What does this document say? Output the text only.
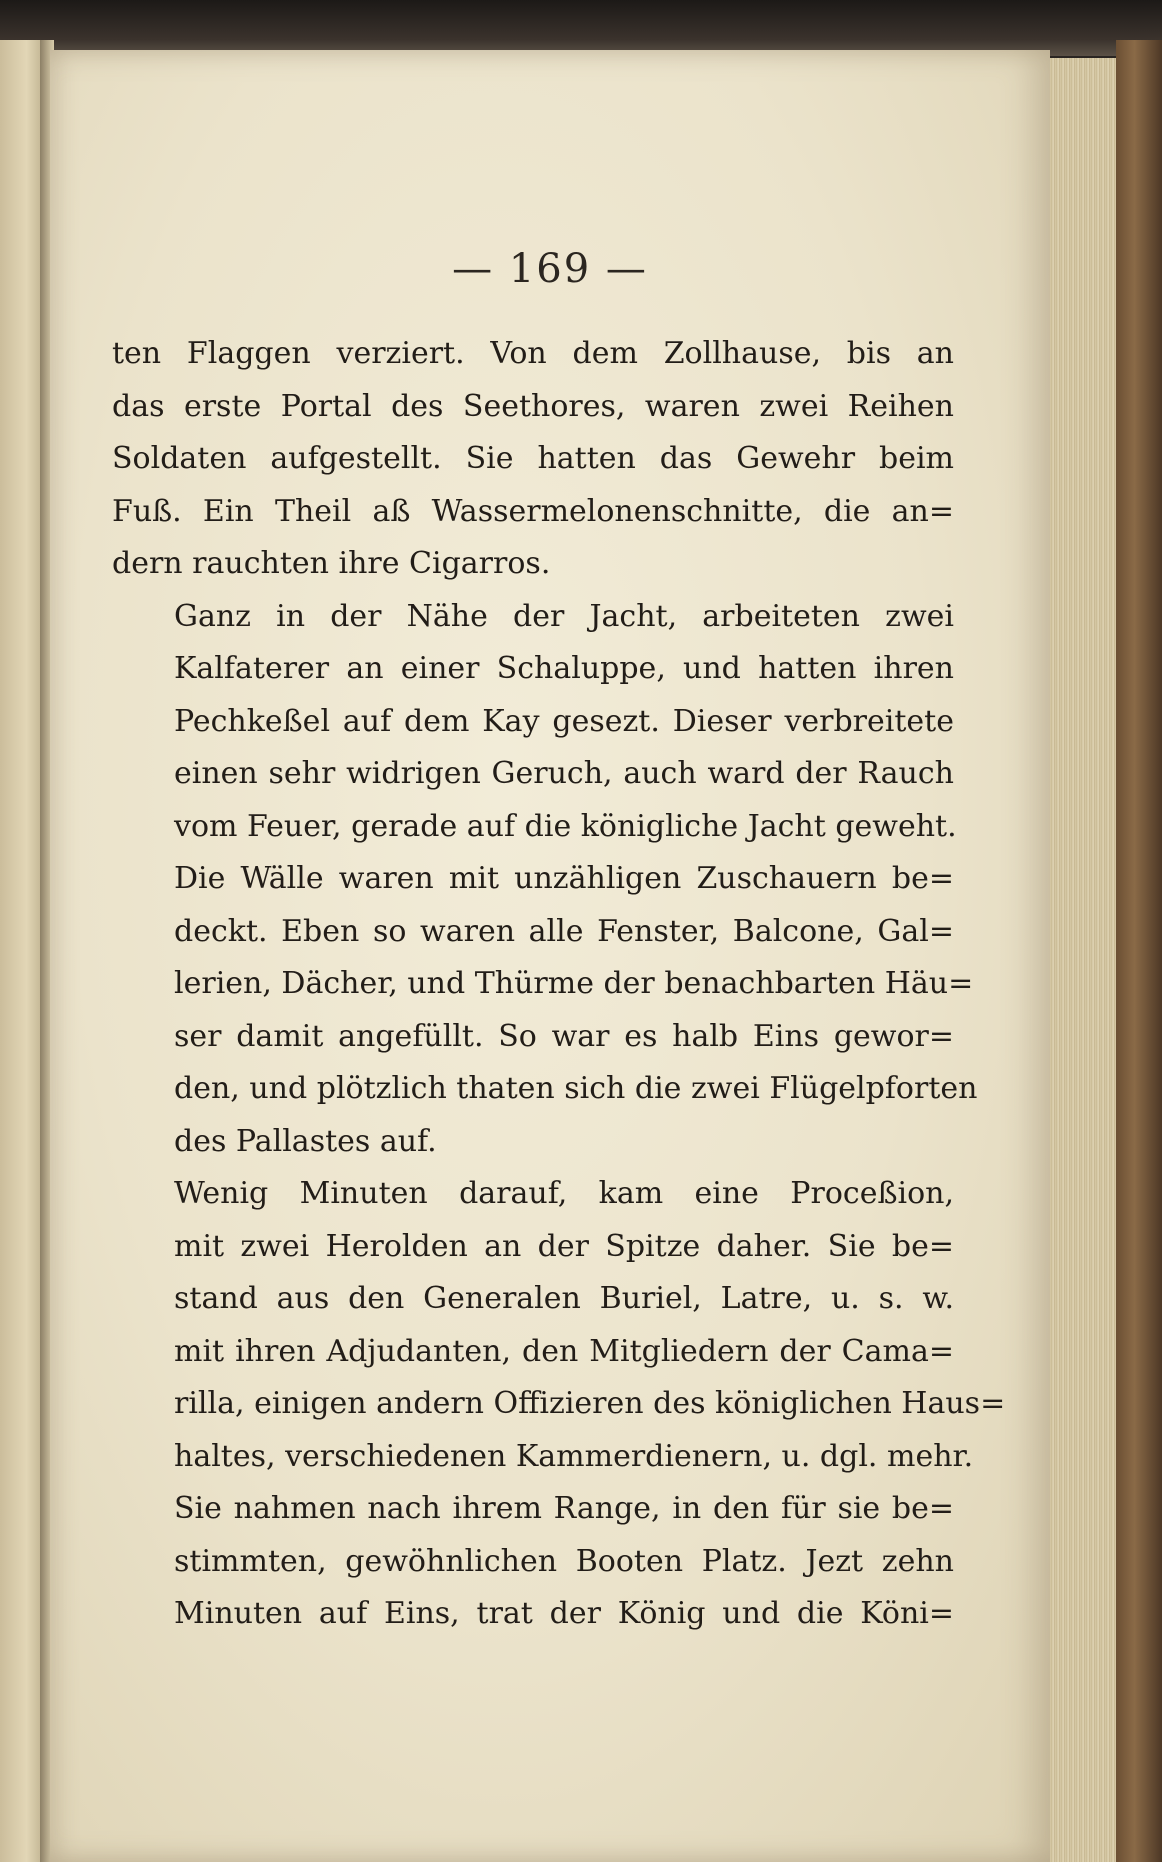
— 169 —
ten Flaggen verziert. Von dem Zollhause, bis an
das erste Portal des Seethores, waren zwei Reihen
Soldaten aufgestellt. Sie hatten das Gewehr beim
Fuß. Ein Theil aß Wassermelonenschnitte, die an=
dern rauchten ihre Cigarros.
Ganz in der Nähe der Jacht, arbeiteten zwei
Kalfaterer an einer Schaluppe, und hatten ihren
Pechkeßel auf dem Kay gesezt. Dieser verbreitete
einen sehr widrigen Geruch, auch ward der Rauch
vom Feuer, gerade auf die königliche Jacht geweht.
Die Wälle waren mit unzähligen Zuschauern be=
deckt. Eben so waren alle Fenster, Balcone, Gal=
lerien, Dächer, und Thürme der benachbarten Häu=
ser damit angefüllt. So war es halb Eins gewor=
den, und plötzlich thaten sich die zwei Flügelpforten
des Pallastes auf.
Wenig Minuten darauf, kam eine Proceßion,
mit zwei Herolden an der Spitze daher. Sie be=
stand aus den Generalen Buriel, Latre, u. s. w.
mit ihren Adjudanten, den Mitgliedern der Cama=
rilla, einigen andern Offizieren des königlichen Haus=
haltes, verschiedenen Kammerdienern, u. dgl. mehr.
Sie nahmen nach ihrem Range, in den für sie be=
stimmten, gewöhnlichen Booten Platz. Jezt zehn
Minuten auf Eins, trat der König und die Köni=
